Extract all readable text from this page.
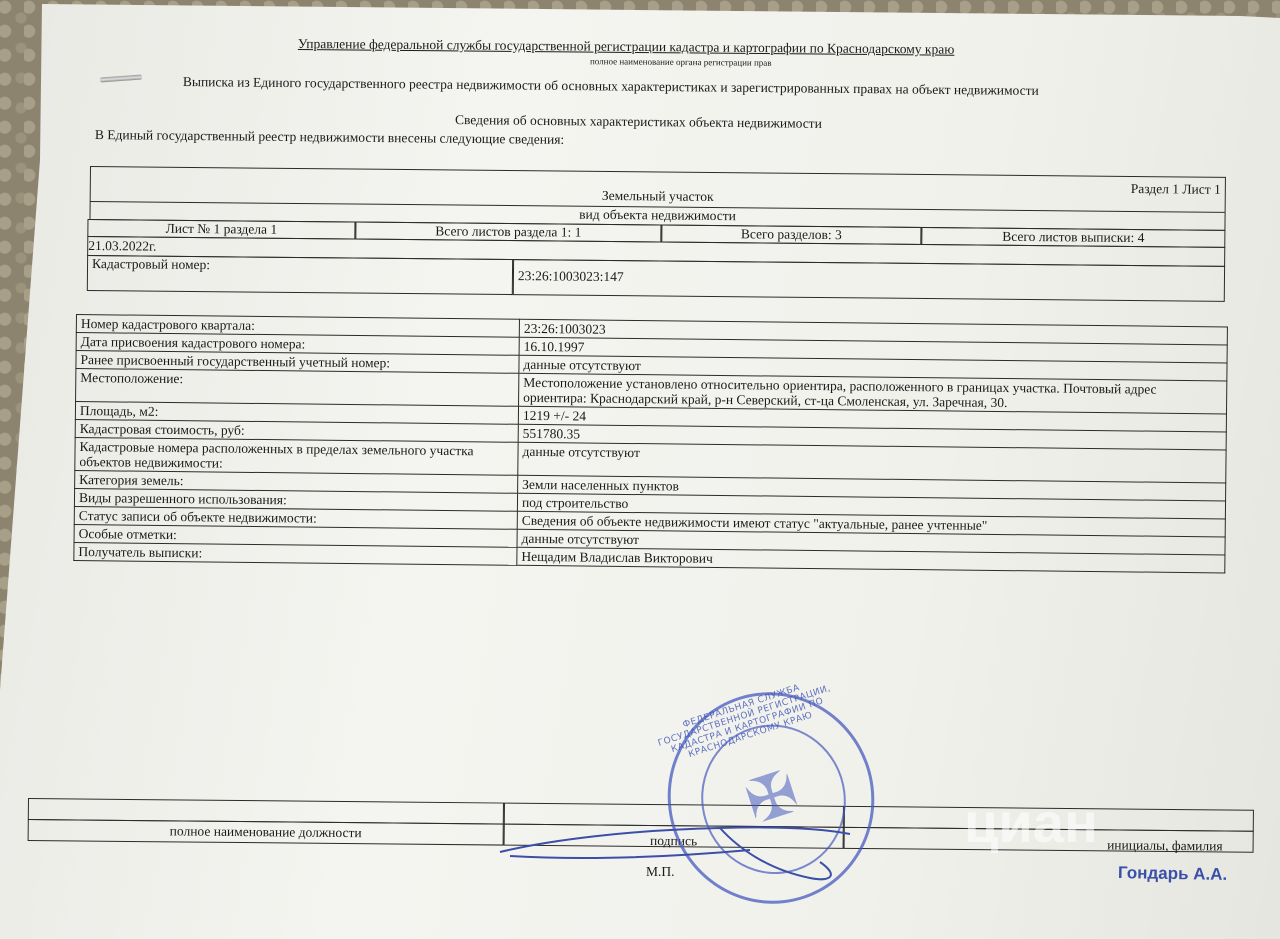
Управление федеральной службы государственной регистрации кадастра и картографии по Краснодарскому краю
полное наименование органа регистрации прав
Выписка из Единого государственного реестра недвижимости об основных характеристиках и зарегистрированных правах на объект недвижимости
Сведения об основных характеристиках объекта недвижимости
В Единый государственный реестр недвижимости внесены следующие сведения:
Раздел 1 Лист 1
Земельный участок
вид объекта недвижимости
Лист № 1 раздела 1	Всего листов раздела 1: 1	Всего разделов: 3	Всего листов выписки: 4
21.03.2022г.
Кадастровый номер:
23:26:1003023:147
Номер кадастрового квартала:	23:26:1003023
Дата присвоения кадастрового номера:	16.10.1997
Ранее присвоенный государственный учетный номер:	данные отсутствуют
Местоположение:	Местоположение установлено относительно ориентира, расположенного в границах участка. Почтовый адрес ориентира: Краснодарский край, р-н Северский, ст-ца Смоленская, ул. Заречная, 30.
Площадь, м2:	1219 +/- 24
Кадастровая стоимость, руб:	551780.35
Кадастровые номера расположенных в пределах земельного участка объектов недвижимости:	данные отсутствуют
Категория земель:	Земли населенных пунктов
Виды разрешенного использования:	под строительство
Статус записи об объекте недвижимости:	Сведения об объекте недвижимости имеют статус "актуальные, ранее учтенные"
Особые отметки:	данные отсутствуют
Получатель выписки:	Нещадим Владислав Викторович
полное наименование должности
подпись	инициалы, фамилия
М.П.
ФЕДЕРАЛЬНАЯ СЛУЖБА ГОСУДАРСТВЕННОЙ РЕГИСТРАЦИИ, КАДАСТРА И КАРТОГРАФИИ ПО КРАСНОДАРСКОМУ КРАЮ
✠
Гондарь А.А.
циан
